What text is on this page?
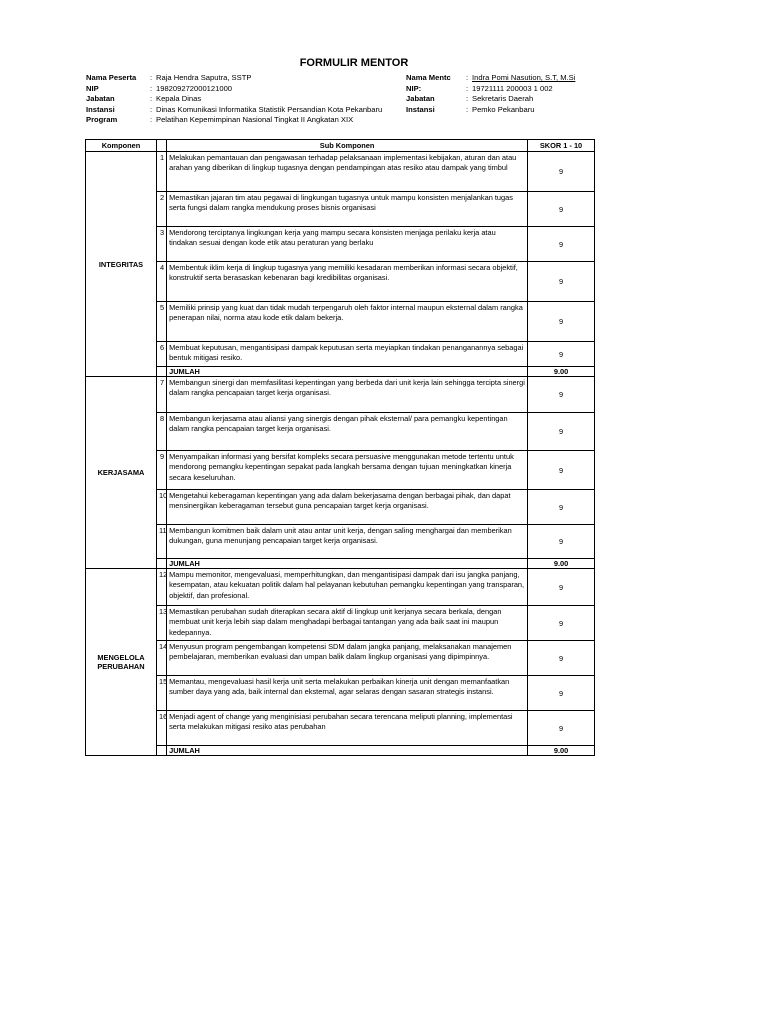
FORMULIR MENTOR
Nama Peserta : Raja Hendra Saputra, SSTP
NIP	: 198209272000121000
Jabatan	: Kepala Dinas
Instansi	: Dinas Komunikasi Informatika Statistik Persandian Kota Pekanbaru
Program	: Pelatihan Kepemimpinan Nasional Tingkat II Angkatan XIX
Nama Mentc : Indra Pomi Nasution, S.T, M.Si
NIP:	: 19721111 200003 1 002
Jabatan	: Sekretaris Daerah
Instansi	: Pemko Pekanbaru
Komponen		Sub Komponen	SKOR 1 - 10
INTEGRITAS	1	Melakukan pemantauan dan pengawasan terhadap pelaksanaan implementasi kebijakan, aturan dan atau arahan yang diberikan di lingkup tugasnya dengan pendampingan atas resiko atau dampak yang timbul	9
	2	Memastikan jajaran tim atau pegawai di lingkungan tugasnya untuk mampu konsisten menjalankan tugas serta fungsi dalam rangka mendukung proses bisnis organisasi	9
	3	Mendorong terciptanya lingkungan kerja yang mampu secara konsisten menjaga perilaku kerja atau tindakan sesuai dengan kode etik atau peraturan yang berlaku	9
	4	Membentuk iklim kerja di lingkup tugasnya yang memiliki kesadaran memberikan informasi secara objektif, konstruktif serta berasaskan kebenaran bagi kredibilitas organisasi.	9
	5	Memiliki prinsip yang kuat dan tidak mudah terpengaruh oleh faktor internal maupun eksternal dalam rangka penerapan nilai, norma atau kode etik dalam bekerja.	9
	6	Membuat keputusan, mengantisipasi dampak keputusan serta meyiapkan tindakan penanganannya sebagai bentuk mitigasi resiko.	9
		JUMLAH	9.00
KERJASAMA	7	Membangun sinergi dan memfasilitasi kepentingan yang berbeda dari unit kerja lain sehingga tercipta sinergi dalam rangka pencapaian target kerja organisasi.	9
	8	Membangun kerjasama atau aliansi yang sinergis dengan pihak eksternal/ para pemangku kepentingan dalam rangka pencapaian target kerja organisasi.	9
	9	Menyampaikan informasi yang bersifat kompleks secara persuasive menggunakan metode tertentu untuk mendorong pemangku kepentingan sepakat pada langkah bersama dengan tujuan meningkatkan kinerja secara keseluruhan.	9
	10	Mengetahui keberagaman kepentingan yang ada dalam bekerjasama dengan berbagai pihak, dan dapat mensinergikan keberagaman tersebut guna pencapaian target kerja organisasi.	9
	11	Membangun komitmen baik dalam unit atau antar unit kerja, dengan saling menghargai dan memberikan dukungan, guna menunjang pencapaian target kerja organisasi.	9
		JUMLAH	9.00
MENGELOLA PERUBAHAN	12	Mampu memonitor, mengevaluasi, memperhitungkan, dan mengantisipasi dampak dari isu jangka panjang, kesempatan, atau kekuatan politik dalam hal pelayanan kebutuhan pemangku kepentingan yang transparan, objektif, dan profesional.	9
	13	Memastikan perubahan sudah diterapkan secara aktif di lingkup unit kerjanya secara berkala, dengan membuat unit kerja lebih siap dalam menghadapi berbagai tantangan yang ada baik saat ini maupun kedepannya.	9
	14	Menyusun program pengembangan kompetensi SDM dalam jangka panjang, melaksanakan manajemen pembelajaran, memberikan evaluasi dan umpan balik dalam lingkup organisasi yang dipimpinnya.	9
	15	Memantau, mengevaluasi hasil kerja unit serta melakukan perbaikan kinerja unit dengan memanfaatkan sumber daya yang ada, baik internal dan eksternal, agar selaras dengan sasaran strategis instansi.	9
	16	Menjadi agent of change yang menginisiasi perubahan secara terencana meliputi planning, implementasi serta melakukan mitigasi resiko atas perubahan	9
		JUMLAH	9.00
